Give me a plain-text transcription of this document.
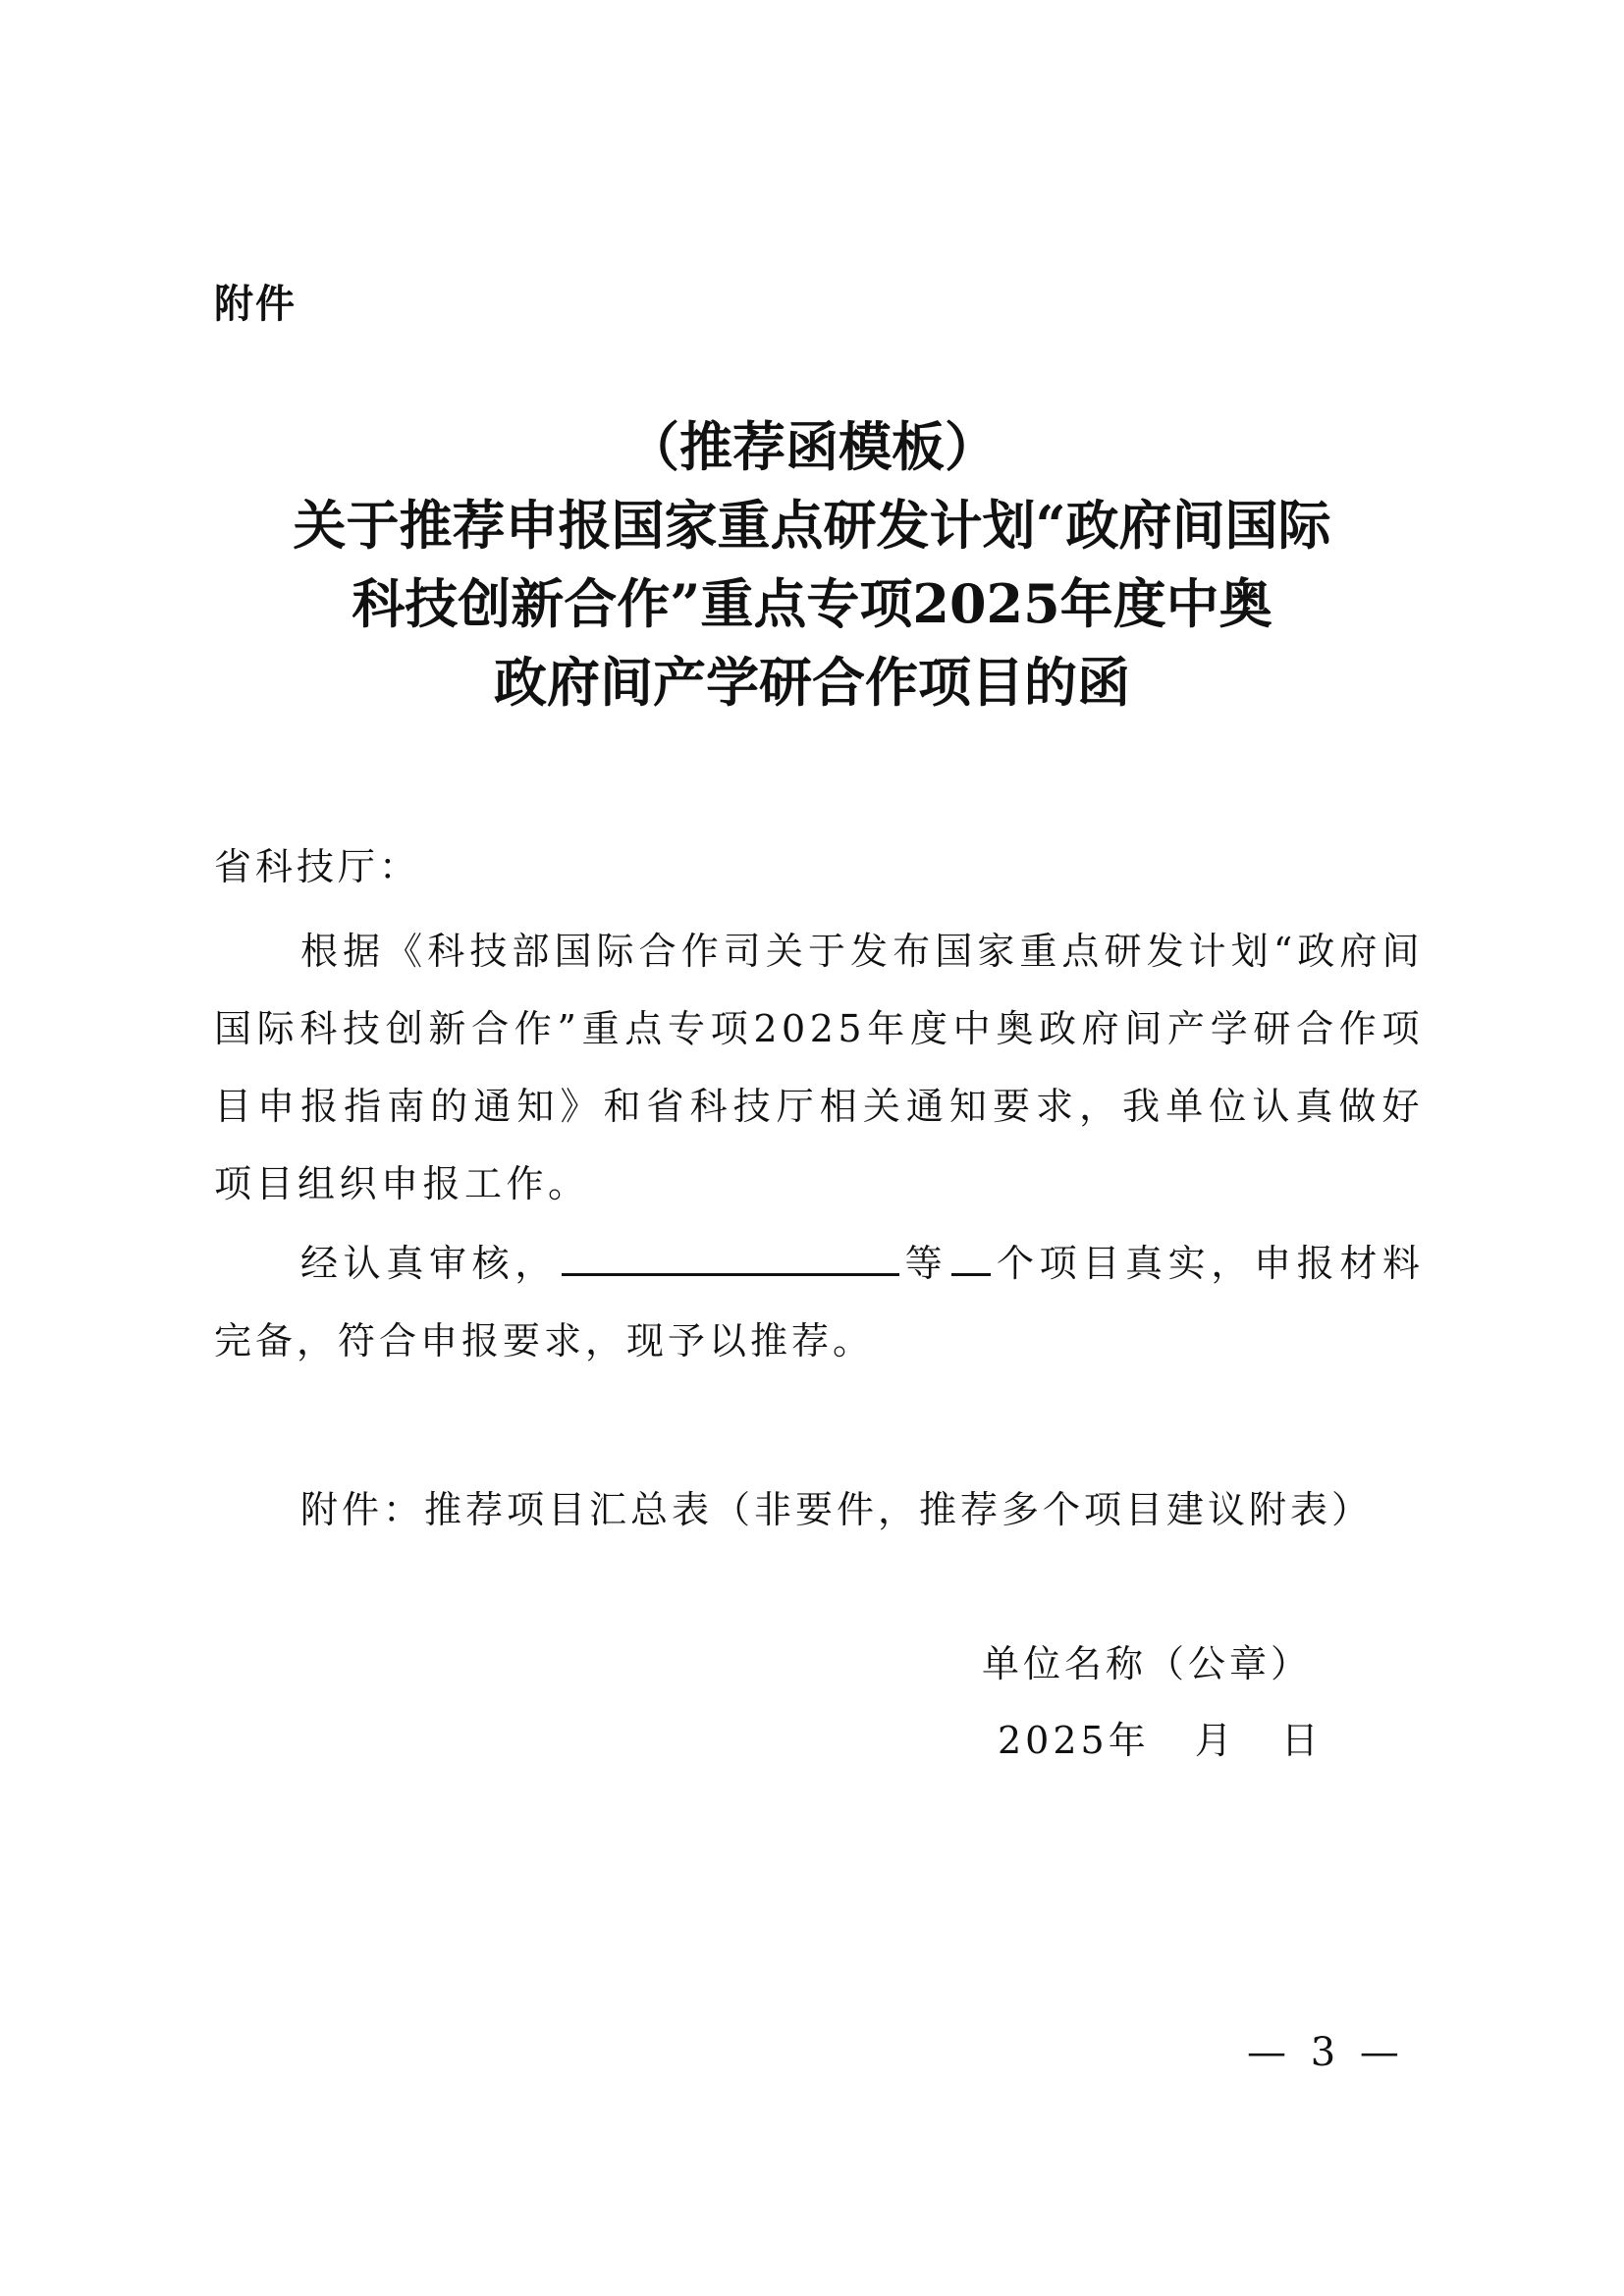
附件
（推荐函模板）
关于推荐申报国家重点研发计划“政府间国际
科技创新合作”重点专项2025年度中奥
政府间产学研合作项目的函
省科技厅：
根据《科技部国际合作司关于发布国家重点研发计划“政府间国际科技创新合作”重点专项2025年度中奥政府间产学研合作项目申报指南的通知》和省科技厅相关通知要求，我单位认真做好项目组织申报工作。
经认真审核，	等 个项目真实，申报材料完备，符合申报要求，现予以推荐。
附件：推荐项目汇总表（非要件，推荐多个项目建议附表）
单位名称（公章）
2025年 月 日
— 3 —
